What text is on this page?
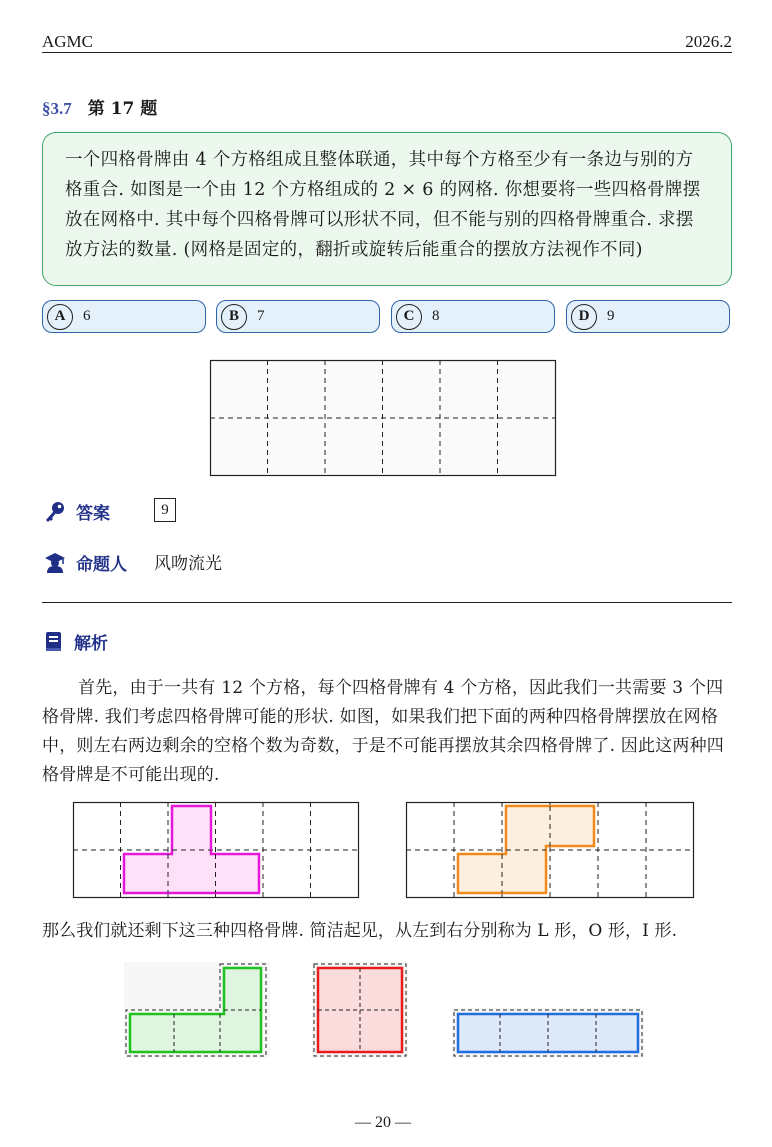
AGMC	2026.2
§3.7 第 17 题
一个四格骨牌由 4 个方格组成且整体联通，其中每个方格至少有一条边与别的方格重合. 如图是一个由 12 个方格组成的 2 × 6 的网格. 你想要将一些四格骨牌摆放在网格中. 其中每个四格骨牌可以形状不同，但不能与别的四格骨牌重合. 求摆放方法的数量. (网格是固定的，翻折或旋转后能重合的摆放方法视作不同)
A	6	B	7	C	8	D	9
答案	9
命题人 风吻流光
解析
首先，由于一共有 12 个方格，每个四格骨牌有 4 个方格，因此我们一共需要 3 个四格骨牌. 我们考虑四格骨牌可能的形状. 如图，如果我们把下面的两种四格骨牌摆放在网格中，则左右两边剩余的空格个数为奇数，于是不可能再摆放其余四格骨牌了. 因此这两种四格骨牌是不可能出现的.
那么我们就还剩下这三种四格骨牌. 简洁起见，从左到右分别称为 L 形，O 形，I 形.
— 20 —
